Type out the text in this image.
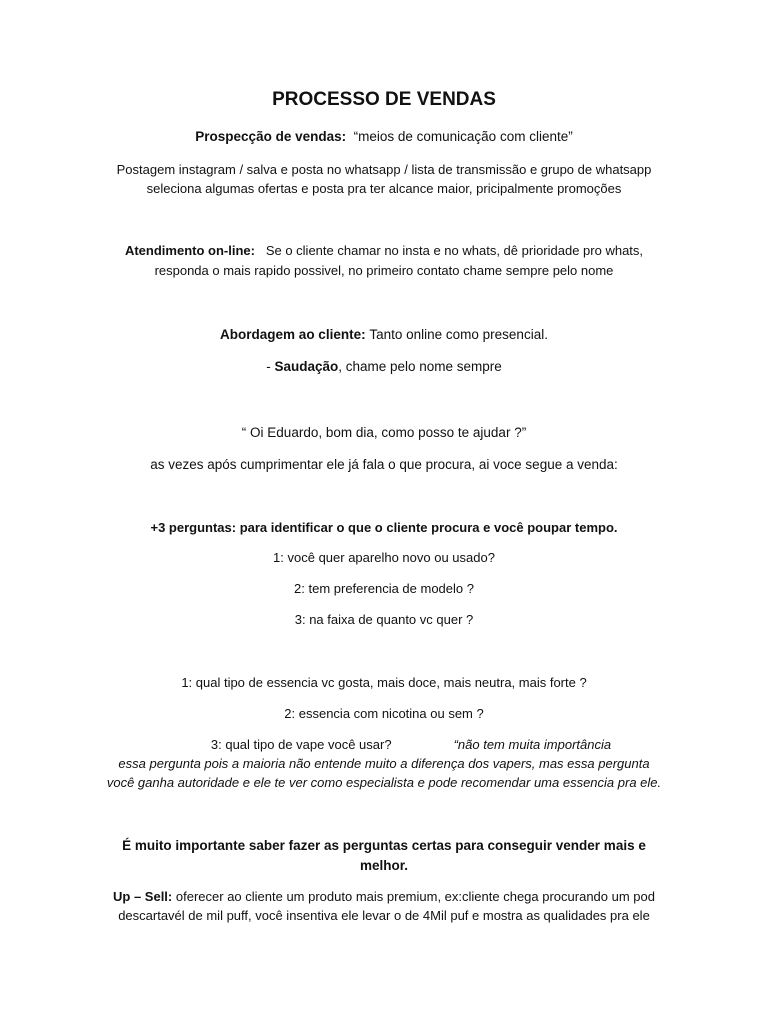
PROCESSO DE VENDAS
Prospecção de vendas: “meios de comunicação com cliente”
Postagem instagram / salva e posta no whatsapp / lista de transmissão e grupo de whatsapp
seleciona algumas ofertas e posta pra ter alcance maior, pricipalmente promoções
Atendimento on-line: Se o cliente chamar no insta e no whats, dê prioridade pro whats,
responda o mais rapido possivel, no primeiro contato chame sempre pelo nome
Abordagem ao cliente: Tanto online como presencial.
- Saudação, chame pelo nome sempre
“ Oi Eduardo, bom dia, como posso te ajudar ?”
as vezes após cumprimentar ele já fala o que procura, ai voce segue a venda:
+3 perguntas: para identificar o que o cliente procura e você poupar tempo.
1: você quer aparelho novo ou usado?
2: tem preferencia de modelo ?
3: na faixa de quanto vc quer ?
1: qual tipo de essencia vc gosta, mais doce, mais neutra, mais forte ?
2: essencia com nicotina ou sem ?
3: qual tipo de vape você usar?	“não tem muita importância
essa pergunta pois a maioria não entende muito a diferença dos vapers, mas essa pergunta
você ganha autoridade e ele te ver como especialista e pode recomendar uma essencia pra ele.
É muito importante saber fazer as perguntas certas para conseguir vender mais e
melhor.
Up – Sell: oferecer ao cliente um produto mais premium, ex:cliente chega procurando um pod
descartavél de mil puff, você insentiva ele levar o de 4Mil puf e mostra as qualidades pra ele
